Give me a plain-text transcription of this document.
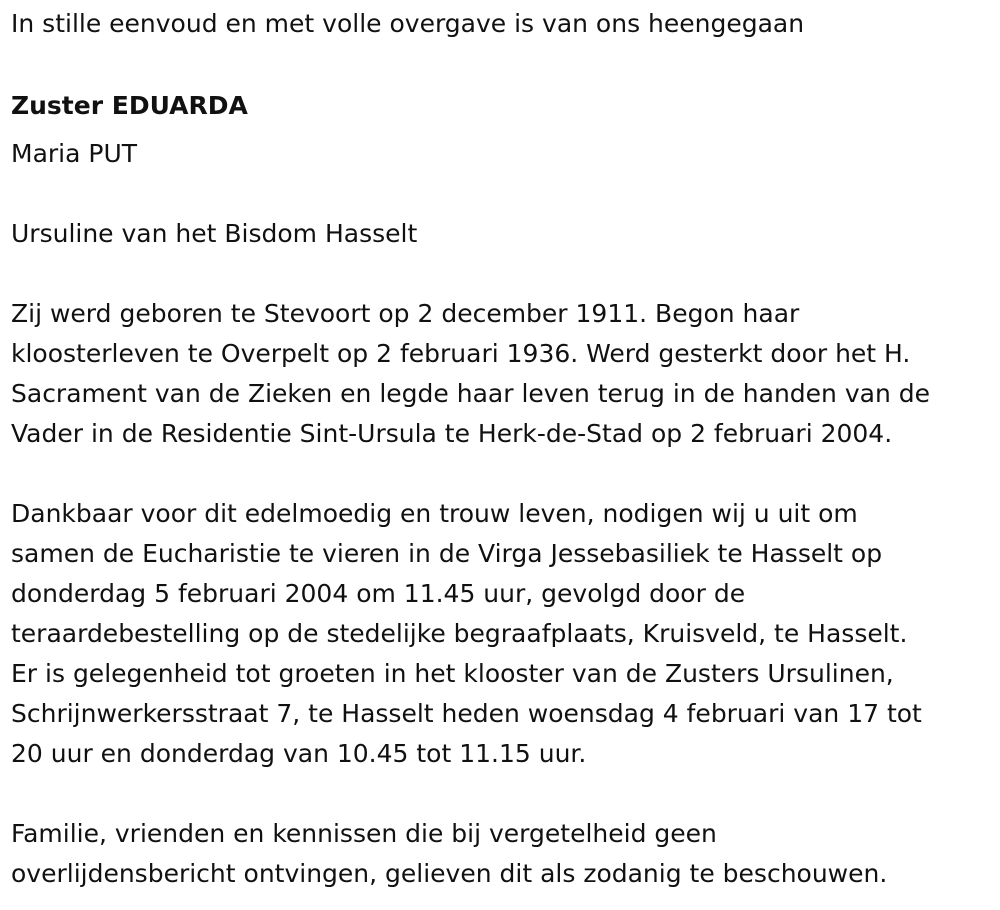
In stille eenvoud en met volle overgave is van ons heengegaan

Zuster EDUARDA

Maria PUT

Ursuline van het Bisdom Hasselt

Zij werd geboren te Stevoort op 2 december 1911. Begon haar

kloosterleven te Overpelt op 2 februari 1936. Werd gesterkt door het H.

Sacrament van de Zieken en legde haar leven terug in de handen van de

Vader in de Residentie Sint-Ursula te Herk-de-Stad op 2 februari 2004.

Dankbaar voor dit edelmoedig en trouw leven, nodigen wij u uit om

samen de Eucharistie te vieren in de Virga Jessebasiliek te Hasselt op

donderdag 5 februari 2004 om 11.45 uur, gevolgd door de

teraardebestelling op de stedelijke begraafplaats, Kruisveld, te Hasselt.

Er is gelegenheid tot groeten in het klooster van de Zusters Ursulinen,

Schrijnwerkersstraat 7, te Hasselt heden woensdag 4 februari van 17 tot

20 uur en donderdag van 10.45 tot 11.15 uur.

Familie, vrienden en kennissen die bij vergetelheid geen

overlijdensbericht ontvingen, gelieven dit als zodanig te beschouwen.
